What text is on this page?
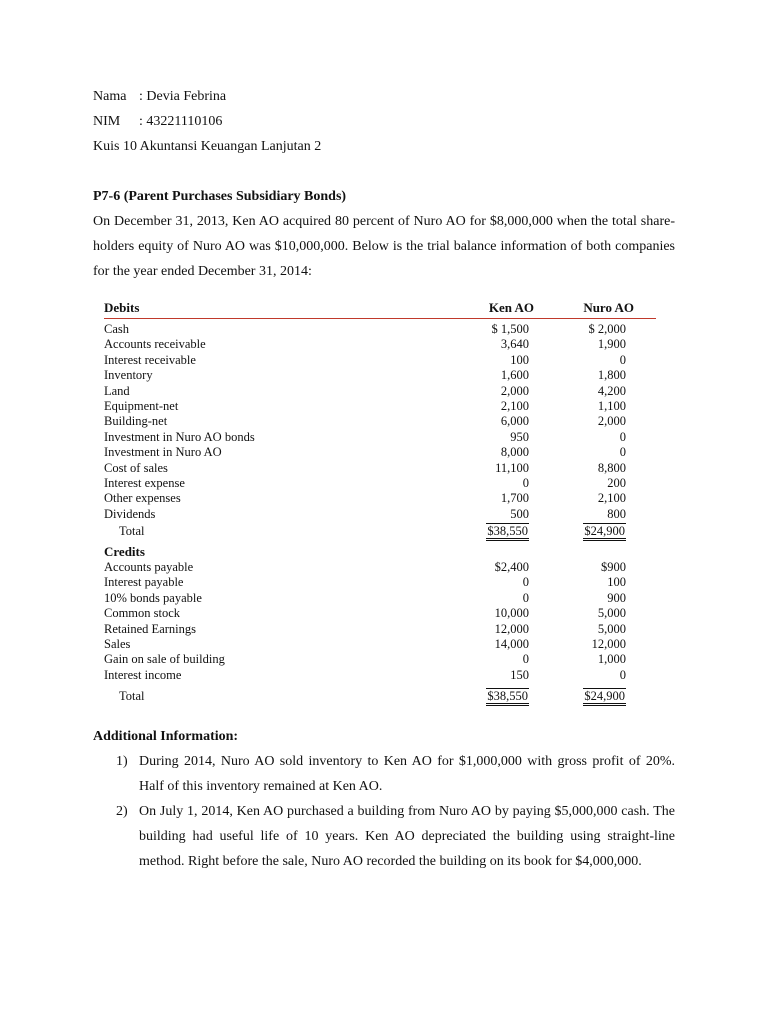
Nama : Devia Febrina
NIM : 43221110106
Kuis 10 Akuntansi Keuangan Lanjutan 2
P7-6 (Parent Purchases Subsidiary Bonds)
On December 31, 2013, Ken AO acquired 80 percent of Nuro AO for $8,000,000 when the total share-holders equity of Nuro AO was $10,000,000. Below is the trial balance information of both companies for the year ended December 31, 2014:
Debits	Ken AO	Nuro AO
Cash	$ 1,500	$ 2,000
Accounts receivable	3,640	1,900
Interest receivable	100	0
Inventory	1,600	1,800
Land	2,000	4,200
Equipment-net	2,100	1,100
Building-net	6,000	2,000
Investment in Nuro AO bonds	950	0
Investment in Nuro AO	8,000	0
Cost of sales	11,100	8,800
Interest expense	0	200
Other expenses	1,700	2,100
Dividends	500	800
Total	$38,550	$24,900
Credits
Accounts payable	$2,400	$900
Interest payable	0	100
10% bonds payable	0	900
Common stock	10,000	5,000
Retained Earnings	12,000	5,000
Sales	14,000	12,000
Gain on sale of building	0	1,000
Interest income	150	0
Total	$38,550	$24,900
Additional Information:
1) During 2014, Nuro AO sold inventory to Ken AO for $1,000,000 with gross profit of 20%. Half of this inventory remained at Ken AO.
2) On July 1, 2014, Ken AO purchased a building from Nuro AO by paying $5,000,000 cash. The building had useful life of 10 years. Ken AO depreciated the building using straight-line method. Right before the sale, Nuro AO recorded the building on its book for $4,000,000.
